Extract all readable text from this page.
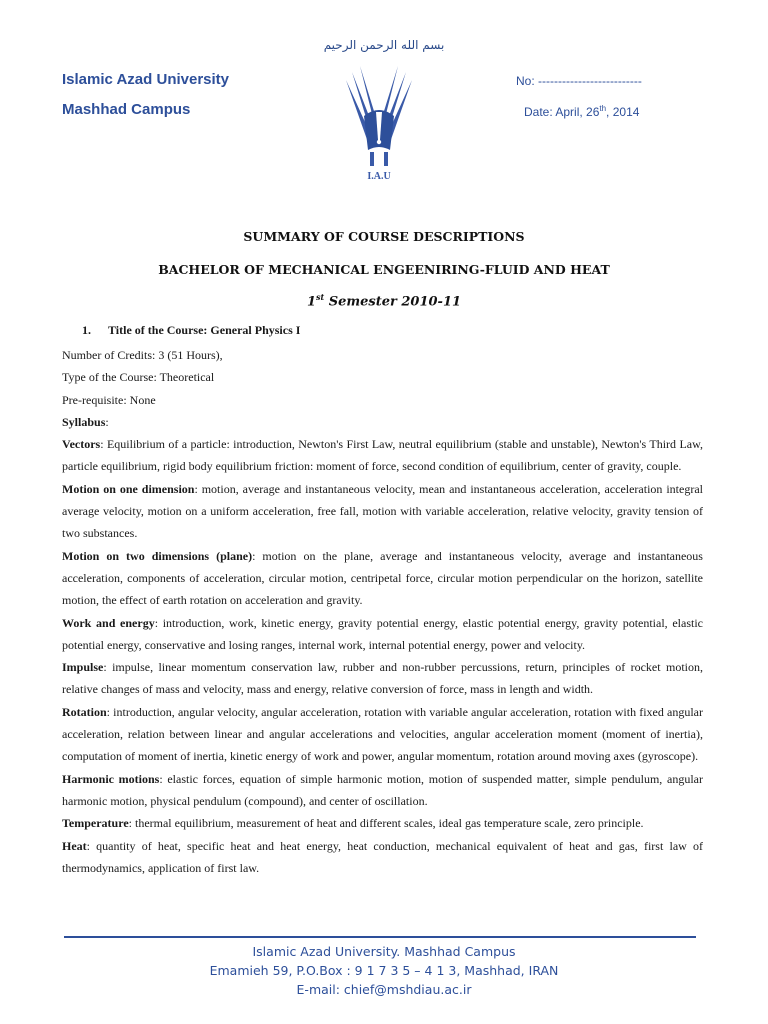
بسم الله الرحمن الرحيم
Islamic Azad University
Mashhad Campus
No: --------------------------
Date: April, 26th, 2014
I.A.U
SUMMARY OF COURSE DESCRIPTIONS
BACHELOR OF MECHANICAL ENGEENIRING-FLUID AND HEAT
1st Semester 2010-11
1. Title of the Course: General Physics I

Number of Credits: 3 (51 Hours),

Type of the Course: Theoretical

Pre-requisite: None

Syllabus:

Vectors: Equilibrium of a particle: introduction, Newton's First Law, neutral equilibrium (stable and unstable), Newton's Third Law, particle equilibrium, rigid body equilibrium friction: moment of force, second condition of equilibrium, center of gravity, couple.

Motion on one dimension: motion, average and instantaneous velocity, mean and instantaneous acceleration, acceleration integral average velocity, motion on a uniform acceleration, free fall, motion with variable acceleration, relative velocity, gravity tension of two substances.

Motion on two dimensions (plane): motion on the plane, average and instantaneous velocity, average and instantaneous acceleration, components of acceleration, circular motion, centripetal force, circular motion perpendicular on the horizon, satellite motion, the effect of earth rotation on acceleration and gravity.

Work and energy: introduction, work, kinetic energy, gravity potential energy, elastic potential energy, gravity potential, elastic potential energy, conservative and losing ranges, internal work, internal potential energy, power and velocity.

Impulse: impulse, linear momentum conservation law, rubber and non-rubber percussions, return, principles of rocket motion, relative changes of mass and velocity, mass and energy, relative conversion of force, mass in length and width.

Rotation: introduction, angular velocity, angular acceleration, rotation with variable angular acceleration, rotation with fixed angular acceleration, relation between linear and angular accelerations and velocities, angular acceleration moment (moment of inertia), computation of moment of inertia, kinetic energy of work and power, angular momentum, rotation around moving axes (gyroscope).

Harmonic motions: elastic forces, equation of simple harmonic motion, motion of suspended matter, simple pendulum, angular harmonic motion, physical pendulum (compound), and center of oscillation.

Temperature: thermal equilibrium, measurement of heat and different scales, ideal gas temperature scale, zero principle.

Heat: quantity of heat, specific heat and heat energy, heat conduction, mechanical equivalent of heat and gas, first law of thermodynamics, application of first law.

Islamic Azad University. Mashhad Campus
Emamieh 59, P.O.Box : 9 1 7 3 5 – 4 1 3, Mashhad, IRAN
E-mail: chief@mshdiau.ac.ir
